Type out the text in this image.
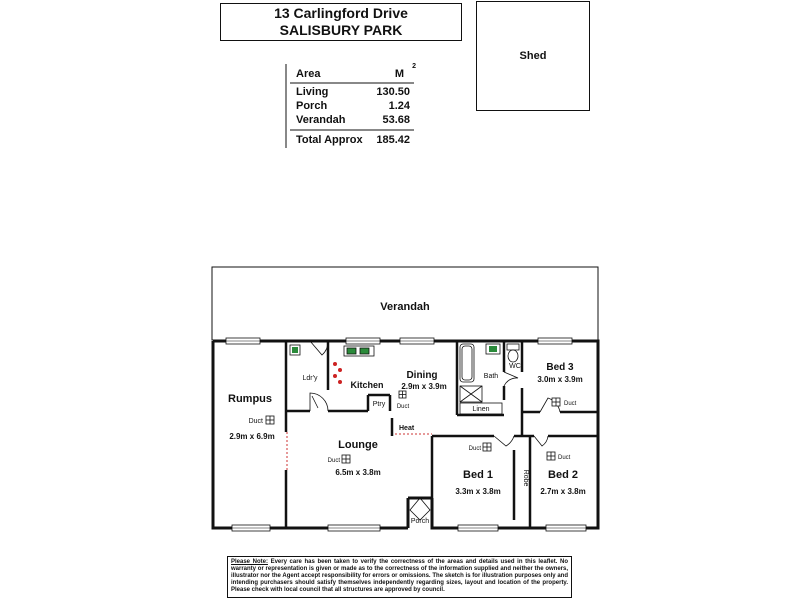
13 Carlingford Drive
SALISBURY PARK
Shed
Area	M
2
Living	130.50
Porch	1.24
Verandah	53.68
Total Approx 185.42
Verandah
Rumpus
Duct
2.9m x 6.9m
Ldr'y
Kitchen
Dining
2.9m x 3.9m
Ptry Duct
Bath
WC
Linen
Bed 3
3.0m x 3.9m
Duct
Heat
Lounge
Duct
6.5m x 3.8m
Duct
Bed 1
3.3m x 3.8m
Robe
Duct
Bed 2
2.7m x 3.8m
Porch
Please Note: Every care has been taken to verify the correctness of the areas and details used in this leaflet. No warranty or representation is given or made as to the correctness of the information supplied and neither the owners, illustrator nor the Agent accept responsibility for errors or omissions. The sketch is for illustration purposes only and intending purchasers should satisfy themselves independently regarding sizes, layout and location of the property. Please check with local council that all structures are approved by council.
